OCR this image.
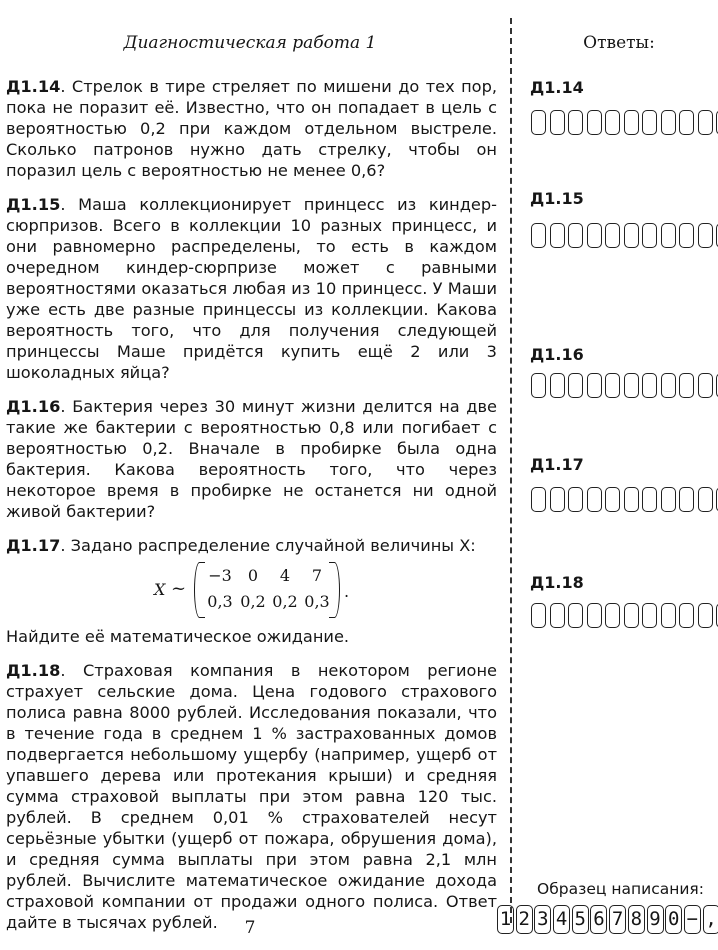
Диагностическая работа 1
Д1.14. Стрелок в тире стреляет по мишени до тех пор, пока не поразит её. Известно, что он попадает в цель с вероятностью 0,2 при каждом отдельном выстреле. Сколько патронов нужно дать стрелку, чтобы он поразил цель с вероятностью не менее 0,6?
Д1.15. Маша коллекционирует принцесс из киндер-сюрпризов. Всего в коллекции 10 разных принцесс, и они равномерно распределены, то есть в каждом очередном киндер-сюрпризе может с равными вероятностями оказаться любая из 10 принцесс. У Маши уже есть две разные принцессы из коллекции. Какова вероятность того, что для получения следующей принцессы Маше придётся купить ещё 2 или 3 шоколадных яйца?
Д1.16. Бактерия через 30 минут жизни делится на две такие же бактерии с вероятностью 0,8 или погибает с вероятностью 0,2. Вначале в пробирке была одна бактерия. Какова вероятность того, что через некоторое время в пробирке не останется ни одной живой бактерии?
Д1.17. Задано распределение случайной величины X:
X ~
−3	0	4	7
0,3 0,2 0,2 0,3
.
Найдите её математическое ожидание.
Д1.18. Страховая компания в некотором регионе страхует сельские дома. Цена годового страхового полиса равна 8000 рублей. Исследования показали, что в течение года в среднем 1 % застрахованных домов подвергается небольшому ущербу (например, ущерб от упавшего дерева или протекания крыши) и средняя сумма страховой выплаты при этом равна 120 тыс. рублей. В среднем 0,01 % страхователей несут серьёзные убытки (ущерб от пожара, обрушения дома), и средняя сумма выплаты при этом равна 2,1 млн рублей. Вычислите математическое ожидание дохода страховой компании от продажи одного полиса. Ответ дайте в тысячах рублей.
Ответы:
Д1.14
Д1.15
Д1.16
Д1.17
Д1.18
Образец написания:
1 2 3 4 5 6 7 8 9 0 − ,
7
